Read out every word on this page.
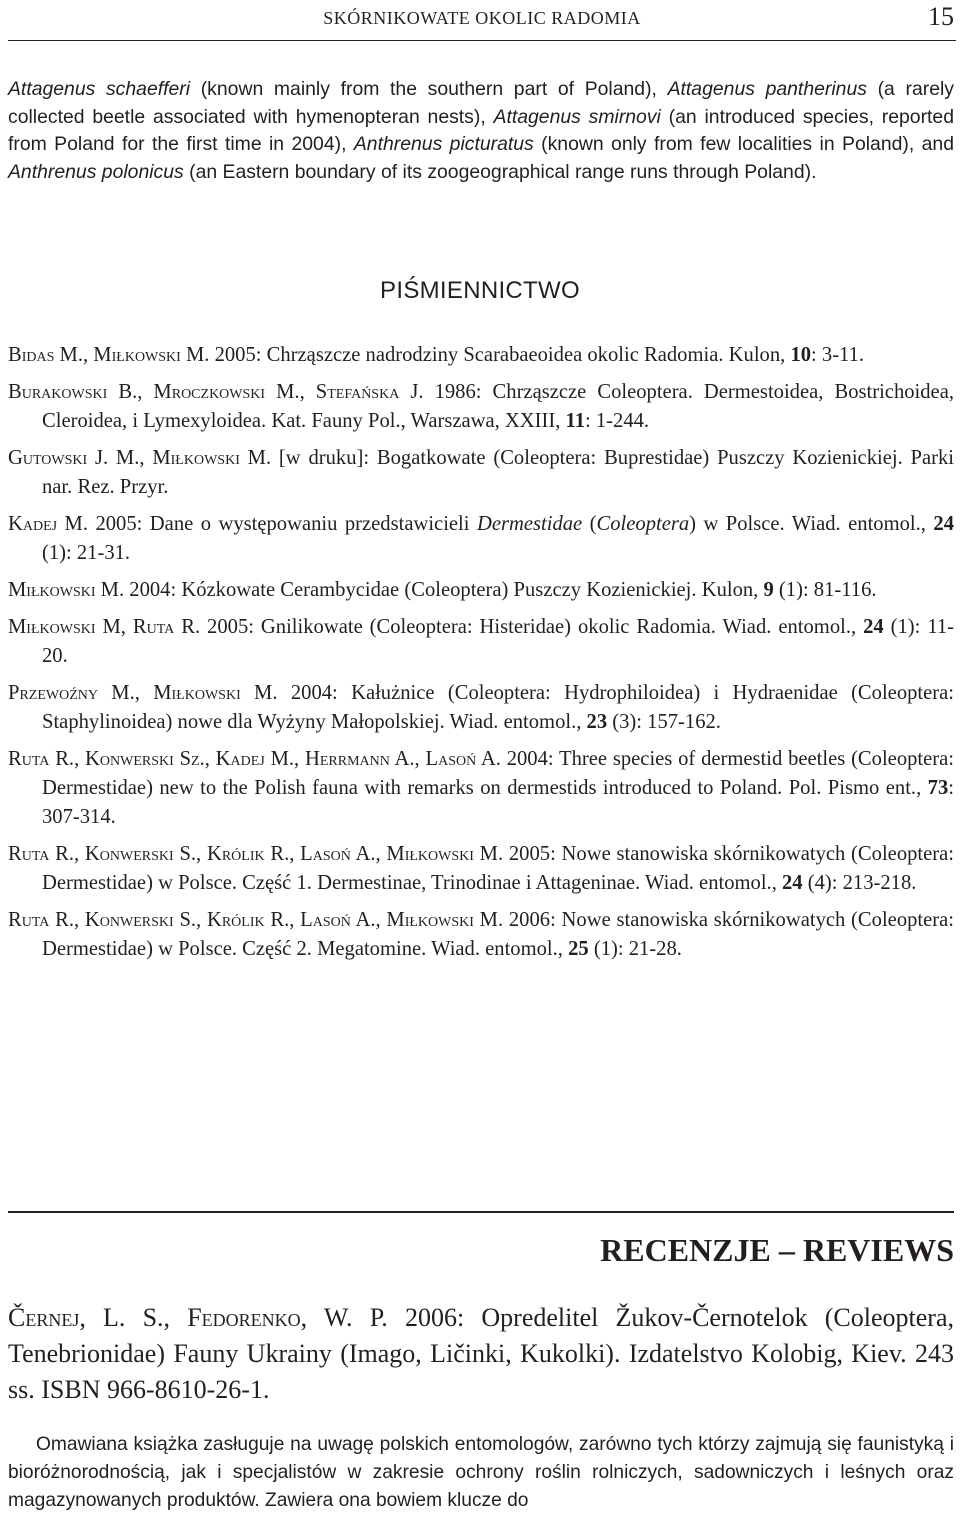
SKÓRNIKOWATE OKOLIC RADOMIA	15

Attagenus schaefferi (known mainly from the southern part of Poland), Attagenus pantherinus (a rarely collected beetle associated with hymenopteran nests), Attagenus smirnovi (an introduced species, reported from Poland for the first time in 2004), Anthrenus picturatus (known only from few localities in Poland), and Anthrenus polonicus (an Eastern boundary of its zoogeographical range runs through Poland).

PIŚMIENNICTWO
Bidas M., Miłkowski M. 2005: Chrząszcze nadrodziny Scarabaeoidea okolic Radomia. Kulon, 10: 3-11.
Burakowski B., Mroczkowski M., Stefańska J. 1986: Chrząszcze Coleoptera. Dermestoidea, Bostrichoidea, Cleroidea, i Lymexyloidea. Kat. Fauny Pol., Warszawa, XXIII, 11: 1-244.
Gutowski J. M., Miłkowski M. [w druku]: Bogatkowate (Coleoptera: Buprestidae) Puszczy Kozienickiej. Parki nar. Rez. Przyr.
Kadej M. 2005: Dane o występowaniu przedstawicieli Dermestidae (Coleoptera) w Polsce. Wiad. entomol., 24 (1): 21-31.
Miłkowski M. 2004: Kózkowate Cerambycidae (Coleoptera) Puszczy Kozienickiej. Kulon, 9 (1): 81-116.
Miłkowski M, Ruta R. 2005: Gnilikowate (Coleoptera: Histeridae) okolic Radomia. Wiad. entomol., 24 (1): 11-20.
Przewoźny M., Miłkowski M. 2004: Kałużnice (Coleoptera: Hydrophiloidea) i Hydraenidae (Coleoptera: Staphylinoidea) nowe dla Wyżyny Małopolskiej. Wiad. entomol., 23 (3): 157-162.
Ruta R., Konwerski Sz., Kadej M., Herrmann A., Lasoń A. 2004: Three species of dermestid beetles (Coleoptera: Dermestidae) new to the Polish fauna with remarks on dermestids introduced to Poland. Pol. Pismo ent., 73: 307-314.
Ruta R., Konwerski S., Królik R., Lasoń A., Miłkowski M. 2005: Nowe stanowiska skórnikowatych (Coleoptera: Dermestidae) w Polsce. Część 1. Dermestinae, Trinodinae i Attageninae. Wiad. entomol., 24 (4): 213-218.
Ruta R., Konwerski S., Królik R., Lasoń A., Miłkowski M. 2006: Nowe stanowiska skórnikowatych (Coleoptera: Dermestidae) w Polsce. Część 2. Megatomine. Wiad. entomol., 25 (1): 21-28.
RECENZJE – REVIEWS

Černej, L. S., Fedorenko, W. P. 2006: Opredelitel Žukov-Černotelok (Coleoptera, Tenebrionidae) Fauny Ukrainy (Imago, Ličinki, Kukolki). Izdatelstvo Kolobig, Kiev. 243 ss. ISBN 966-8610-26-1.

Omawiana książka zasługuje na uwagę polskich entomologów, zarówno tych którzy zajmują się faunistyką i bioróżnorodnością, jak i specjalistów w zakresie ochrony roślin rolniczych, sadowniczych i leśnych oraz magazynowanych produktów. Zawiera ona bowiem klucze do
